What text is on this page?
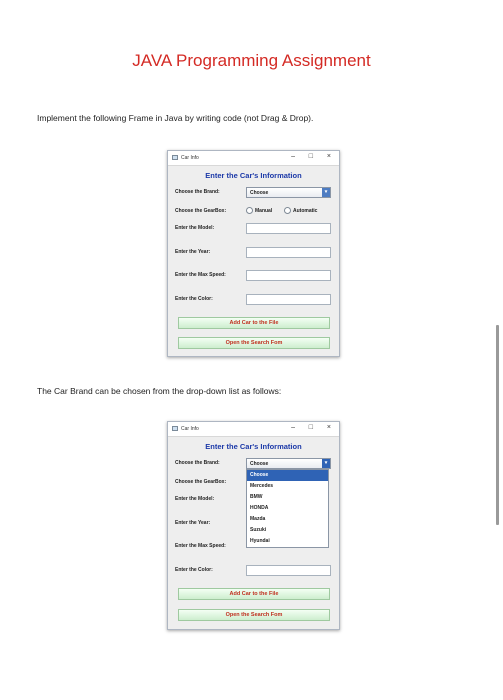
JAVA Programming Assignment
Implement the following Frame in Java by writing code (not Drag & Drop).
Car Info	– □ ×
Enter the Car's Information
Choose the Brand:	Choose	▾
Choose the GearBox:	Manual	Automatic
Enter the Model:
Enter the Year:
Enter the Max Speed:
Enter the Color:
Add Car to the File
Open the Search Fom
The Car Brand can be chosen from the drop-down list as follows:
Car Info	– □ ×
Enter the Car's Information
Choose the Brand:	Choose	▾
Choose
Mercedes
BMW
HONDA
Mazda
Suzuki
Hyundai
Choose the GearBox:
Enter the Model:
Enter the Year:
Enter the Max Speed:
Enter the Color:
Add Car to the File
Open the Search Fom
